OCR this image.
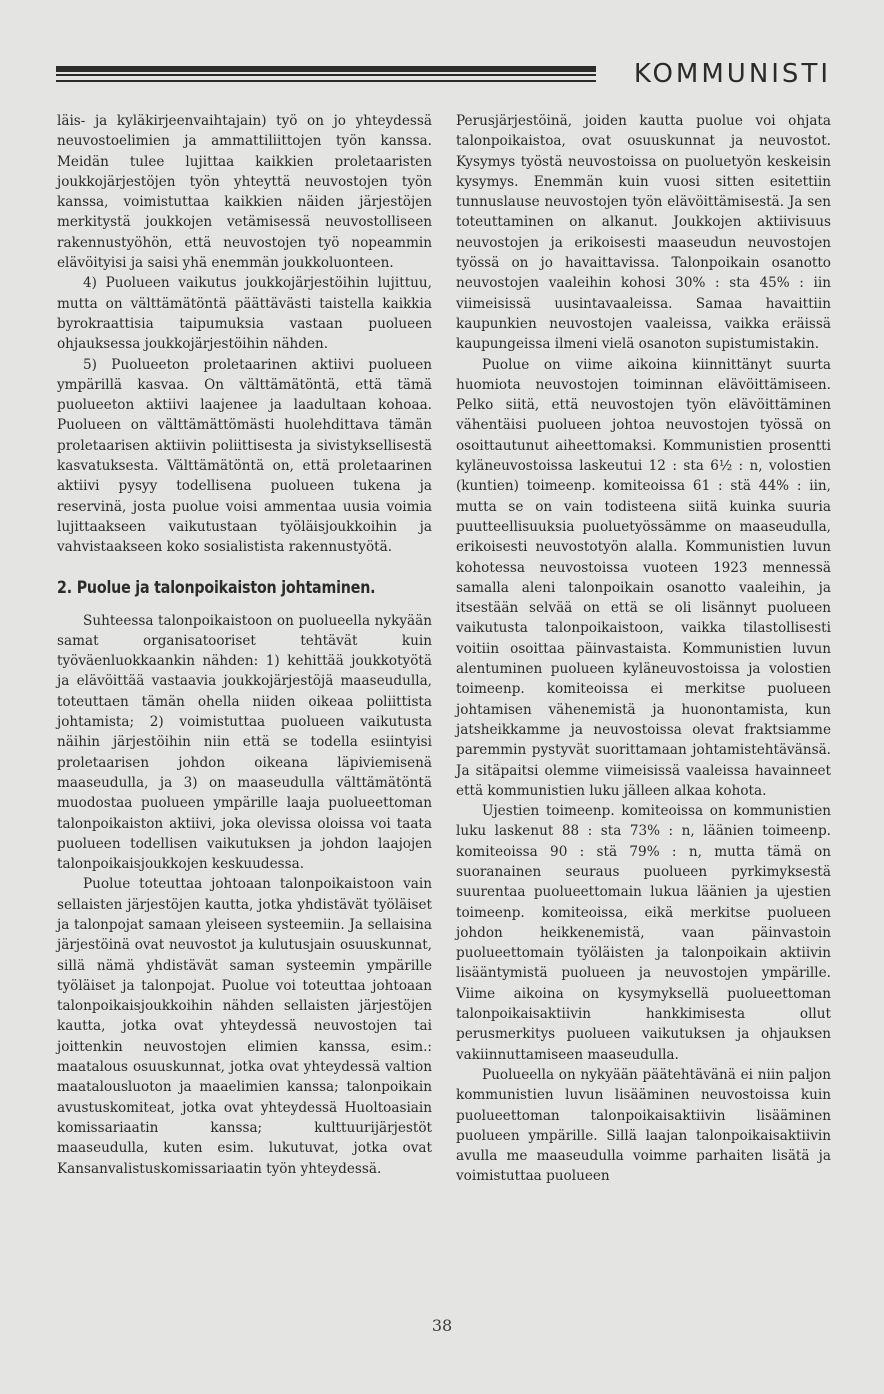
KOMMUNISTI

läis- ja kyläkirjeenvaihtajain) työ on jo yhteydessä neuvostoelimien ja ammattiliittojen työn kanssa. Meidän tulee lujittaa kaikkien proletaaristen joukkojärjestöjen työn yhteyttä neuvostojen työn kanssa, voimistuttaa kaikkien näiden järjestöjen merkitystä joukkojen vetämisessä neuvostolliseen rakennustyöhön, että neuvostojen työ nopeammin elävöityisi ja saisi yhä enemmän joukkoluonteen.

4) Puolueen vaikutus joukkojärjestöihin lujittuu, mutta on välttämätöntä päättävästi taistella kaikkia byrokraattisia taipumuksia vastaan puolueen ohjauksessa joukkojärjestöihin nähden.

5) Puolueeton proletaarinen aktiivi puolueen ympärillä kasvaa. On välttämätöntä, että tämä puolueeton aktiivi laajenee ja laadultaan kohoaa. Puolueen on välttämättömästi huolehdittava tämän proletaarisen aktiivin poliittisesta ja sivistyksellisestä kasvatuksesta. Välttämätöntä on, että proletaarinen aktiivi pysyy todellisena puolueen tukena ja reservinä, josta puolue voisi ammentaa uusia voimia lujittaakseen vaikutustaan työläisjoukkoihin ja vahvistaakseen koko sosialistista rakennustyötä.

2. Puolue ja talonpoikaiston johtaminen.

Suhteessa talonpoikaistoon on puolueella nykyään samat organisatooriset tehtävät kuin työväenluokkaankin nähden: 1) kehittää joukkotyötä ja elävöittää vastaavia joukkojärjestöjä maaseudulla, toteuttaen tämän ohella niiden oikeaa poliittista johtamista; 2) voimistuttaa puolueen vaikutusta näihin järjestöihin niin että se todella esiintyisi proletaarisen johdon oikeana läpiviemisenä maaseudulla, ja 3) on maaseudulla välttämätöntä muodostaa puolueen ympärille laaja puolueettoman talonpoikaiston aktiivi, joka olevissa oloissa voi taata puolueen todellisen vaikutuksen ja johdon laajojen talonpoikaisjoukkojen keskuudessa.

Puolue toteuttaa johtoaan talonpoikaistoon vain sellaisten järjestöjen kautta, jotka yhdistävät työläiset ja talonpojat samaan yleiseen systeemiin. Ja sellaisina järjestöinä ovat neuvostot ja kulutusjain osuuskunnat, sillä nämä yhdistävät saman systeemin ympärille työläiset ja talonpojat. Puolue voi toteuttaa johtoaan talonpoikaisjoukkoihin nähden sellaisten järjestöjen kautta, jotka ovat yhteydessä neuvostojen tai joittenkin neuvostojen elimien kanssa, esim.: maatalous osuuskunnat, jotka ovat yhteydessä valtion maatalousluoton ja maaelimien kanssa; talonpoikain avustuskomiteat, jotka ovat yhteydessä Huoltoasiain komissariaatin kanssa; kulttuurijärjestöt maaseudulla, kuten esim. lukutuvat, jotka ovat Kansanvalistuskomissariaatin työn yhteydessä.

Perusjärjestöinä, joiden kautta puolue voi ohjata talonpoikaistoa, ovat osuuskunnat ja neuvostot. Kysymys työstä neuvostoissa on puoluetyön keskeisin kysymys. Enemmän kuin vuosi sitten esitettiin tunnuslause neuvostojen työn elävöittämisestä. Ja sen toteuttaminen on alkanut. Joukkojen aktiivisuus neuvostojen ja erikoisesti maaseudun neuvostojen työssä on jo havaittavissa. Talonpoikain osanotto neuvostojen vaaleihin kohosi 30% : sta 45% : iin viimeisissä uusintavaaleissa. Samaa havaittiin kaupunkien neuvostojen vaaleissa, vaikka eräissä kaupungeissa ilmeni vielä osanoton supistumistakin.

Puolue on viime aikoina kiinnittänyt suurta huomiota neuvostojen toiminnan elävöittämiseen. Pelko siitä, että neuvostojen työn elävöittäminen vähentäisi puolueen johtoa neuvostojen työssä on osoittautunut aiheettomaksi. Kommunistien prosentti kyläneuvostoissa laskeutui 12 : sta 6½ : n, volostien (kuntien) toimeenp. komiteoissa 61 : stä 44% : iin, mutta se on vain todisteena siitä kuinka suuria puutteellisuuksia puoluetyössämme on maaseudulla, erikoisesti neuvostotyön alalla. Kommunistien luvun kohotessa neuvostoissa vuoteen 1923 mennessä samalla aleni talonpoikain osanotto vaaleihin, ja itsestään selvää on että se oli lisännyt puolueen vaikutusta talonpoikaistoon, vaikka tilastollisesti voitiin osoittaa päinvastaista. Kommunistien luvun alentuminen puolueen kyläneuvostoissa ja volostien toimeenp. komiteoissa ei merkitse puolueen johtamisen vähenemistä ja huonontamista, kun jatsheikkamme ja neuvostoissa olevat fraktsiamme paremmin pystyvät suorittamaan johtamistehtävänsä. Ja sitäpaitsi olemme viimeisissä vaaleissa havainneet että kommunistien luku jälleen alkaa kohota.

Ujestien toimeenp. komiteoissa on kommunistien luku laskenut 88 : sta 73% : n, läänien toimeenp. komiteoissa 90 : stä 79% : n, mutta tämä on suoranainen seuraus puolueen pyrkimyksestä suurentaa puolueettomain lukua läänien ja ujestien toimeenp. komiteoissa, eikä merkitse puolueen johdon heikkenemistä, vaan päinvastoin puolueettomain työläisten ja talonpoikain aktiivin lisääntymistä puolueen ja neuvostojen ympärille. Viime aikoina on kysymyksellä puolueettoman talonpoikaisaktiivin hankkimisesta ollut perusmerkitys puolueen vaikutuksen ja ohjauksen vakiinnuttamiseen maaseudulla.

Puolueella on nykyään päätehtävänä ei niin paljon kommunistien luvun lisääminen neuvostoissa kuin puolueettoman talonpoikaisaktiivin lisääminen puolueen ympärille. Sillä laajan talonpoikaisaktiivin avulla me maaseudulla voimme parhaiten lisätä ja voimistuttaa puolueen

38
